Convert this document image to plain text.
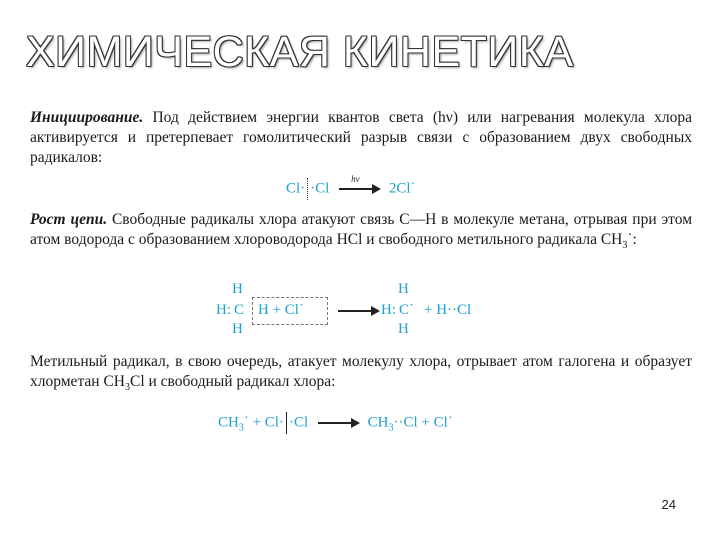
ХИМИЧЕСКАЯ КИНЕТИКА
Инициирование. Под действием энергии квантов света (hν) или нагревания молекула хлора активируется и претерпевает гомолитический разрыв связи с образованием двух свободных радикалов:
Cl· ·Cl
hν
2Cl˙
Рост цепи. Свободные радикалы хлора атакуют связь C—H в молекуле метана, отрывая при этом атом водорода с образованием хлороводорода HCl и свободного метильного радикала $CH_3˙$:
H
H: C
H
H + Cl˙
H
H: C˙
H
+ H··Cl
Метильный радикал, в свою очередь, атакует молекулу хлора, отрывает атом галогена и образует хлорметан $CH_3Cl$ и свободный радикал хлора:
$CH_3˙ + Cl\cdot \cdot Cl \to CH_3\cdot\cdot Cl$ + Cl˙
24
